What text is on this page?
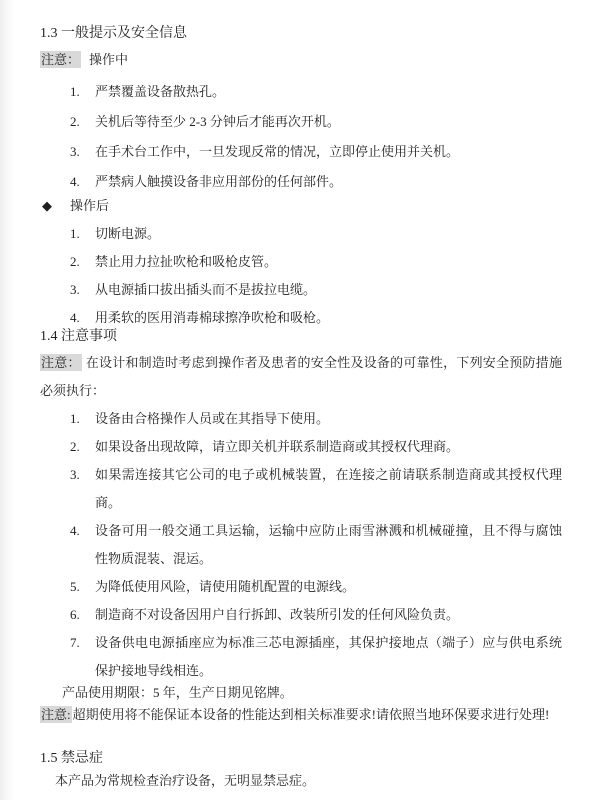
1.3 一般提示及安全信息

注意： 操作中

1.	严禁覆盖设备散热孔。
2.	关机后等待至少 2-3 分钟后才能再次开机。
3.	在手术台工作中，一旦发现反常的情况，立即停止使用并关机。
4.	严禁病人触摸设备非应用部份的任何部件。
◆	操作后
1.	切断电源。
2.	禁止用力拉扯吹枪和吸枪皮管。
3.	从电源插口拔出插头而不是拔拉电缆。
4.	用柔软的医用消毒棉球擦净吹枪和吸枪。
1.4 注意事项

注意： 在设计和制造时考虑到操作者及患者的安全性及设备的可靠性，下列安全预防措施必须执行：

1.	设备由合格操作人员或在其指导下使用。
2.	如果设备出现故障，请立即关机并联系制造商或其授权代理商。
3.	如果需连接其它公司的电子或机械装置，在连接之前请联系制造商或其授权代理商。
4.	设备可用一般交通工具运输，运输中应防止雨雪淋溅和机械碰撞，且不得与腐蚀性物质混装、混运。
5.	为降低使用风险，请使用随机配置的电源线。
6.	制造商不对设备因用户自行拆卸、改装所引发的任何风险负责。
7.	设备供电电源插座应为标准三芯电源插座，其保护接地点（端子）应与供电系统保护接地导线相连。

产品使用期限：5 年，生产日期见铭牌。

注意: 超期使用将不能保证本设备的性能达到相关标准要求!请依照当地环保要求进行处理!

1.5 禁忌症

本产品为常规检查治疗设备，无明显禁忌症。
